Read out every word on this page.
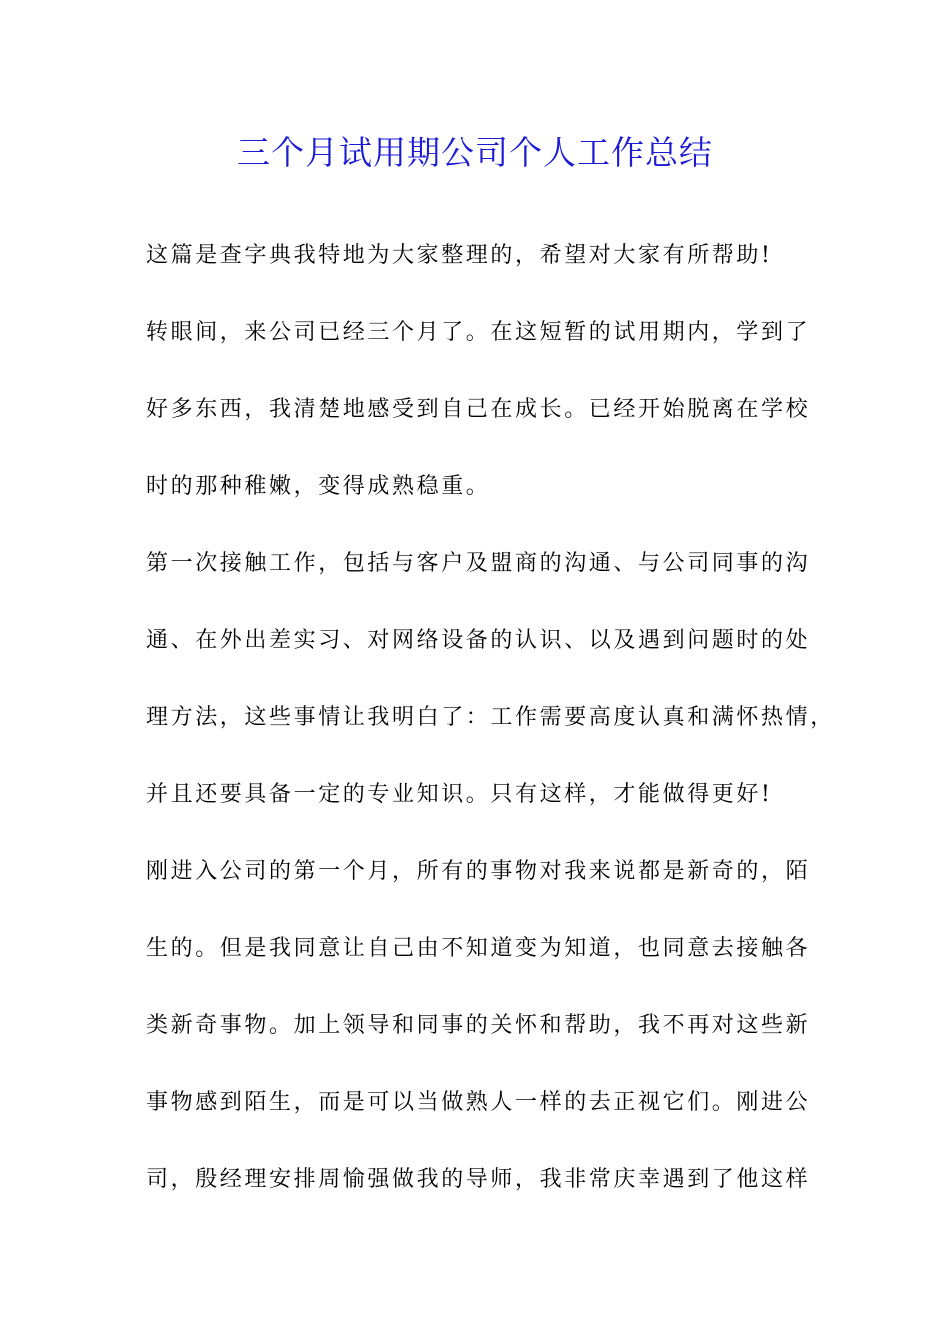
三个月试用期公司个人工作总结
这篇是查字典我特地为大家整理的，希望对大家有所帮助!
转眼间，来公司已经三个月了。在这短暂的试用期内，学到了
好多东西，我清楚地感受到自己在成长。已经开始脱离在学校
时的那种稚嫩，变得成熟稳重。
第一次接触工作，包括与客户及盟商的沟通、与公司同事的沟
通、在外出差实习、对网络设备的认识、以及遇到问题时的处
理方法，这些事情让我明白了：工作需要高度认真和满怀热情，
并且还要具备一定的专业知识。只有这样，才能做得更好!
刚进入公司的第一个月，所有的事物对我来说都是新奇的，陌
生的。但是我同意让自己由不知道变为知道，也同意去接触各
类新奇事物。加上领导和同事的关怀和帮助，我不再对这些新
事物感到陌生，而是可以当做熟人一样的去正视它们。刚进公
司，殷经理安排周愉强做我的导师，我非常庆幸遇到了他这样
